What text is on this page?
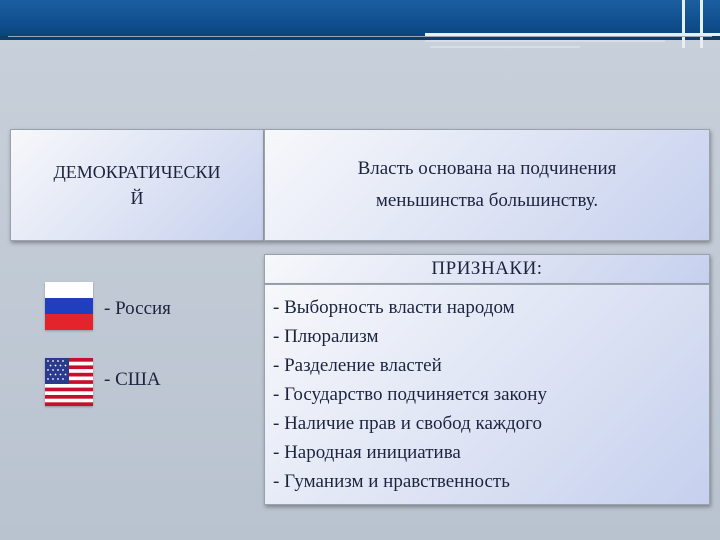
ДЕМОКРАТИЧЕСКИ
Й
Власть основана на подчинения
меньшинства большинству.
ПРИЗНАКИ:
- Выборность власти народом
- Плюрализм
- Разделение властей
- Государство подчиняется закону
- Наличие прав и свобод каждого
- Народная инициатива
- Гуманизм и нравственность
- Россия
- США
